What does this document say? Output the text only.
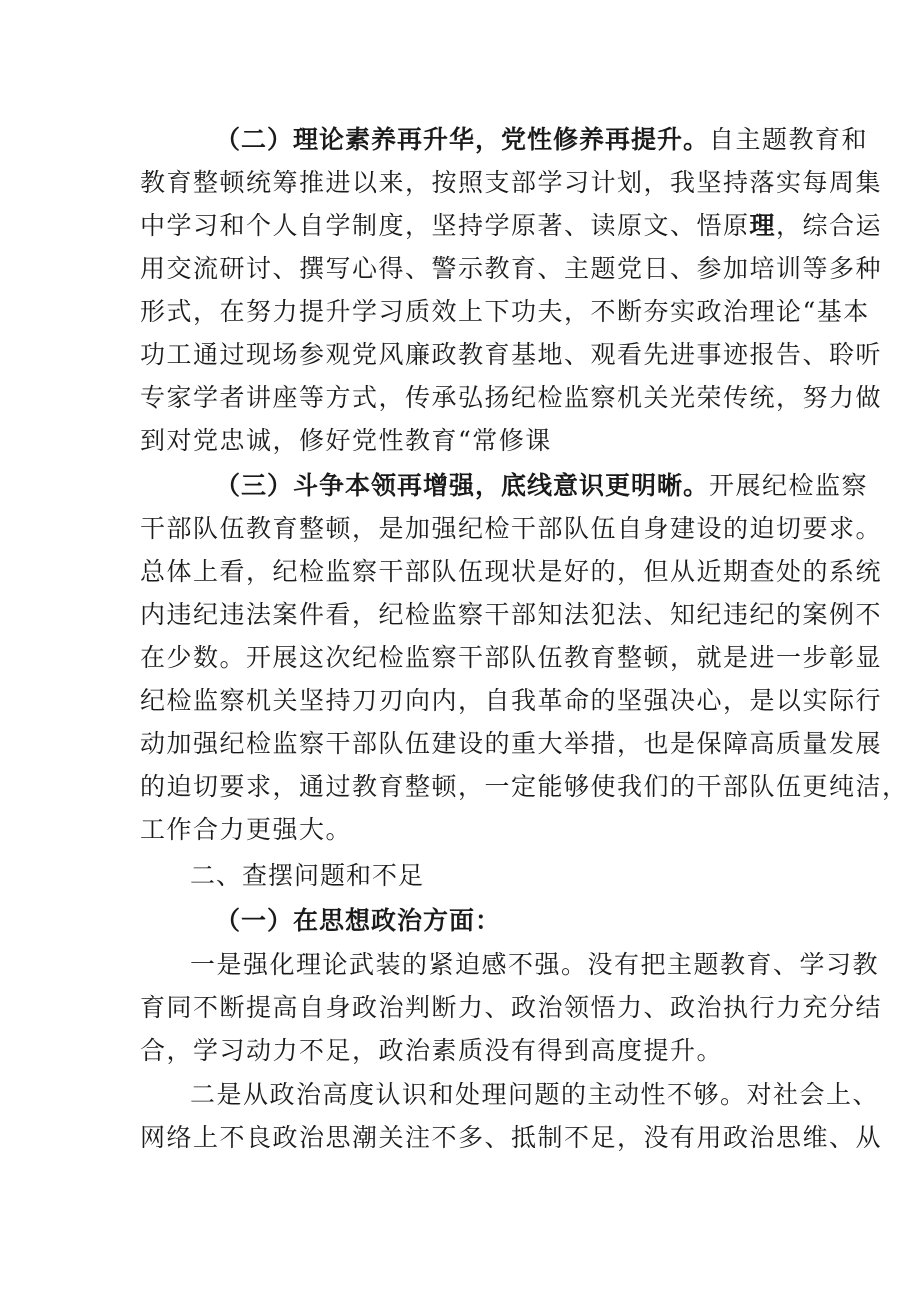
（二）理论素养再升华，党性修养再提升。自主题教育和
教育整顿统筹推进以来，按照支部学习计划，我坚持落实每周集
中学习和个人自学制度，坚持学原著、读原文、悟原理，综合运
用交流研讨、撰写心得、警示教育、主题党日、参加培训等多种
形式，在努力提升学习质效上下功夫，不断夯实政治理论“基本
功工通过现场参观党风廉政教育基地、观看先进事迹报告、聆听
专家学者讲座等方式，传承弘扬纪检监察机关光荣传统，努力做
到对党忠诚，修好党性教育“常修课
（三）斗争本领再增强，底线意识更明晰。开展纪检监察
干部队伍教育整顿，是加强纪检干部队伍自身建设的迫切要求。
总体上看，纪检监察干部队伍现状是好的，但从近期查处的系统
内违纪违法案件看，纪检监察干部知法犯法、知纪违纪的案例不
在少数。开展这次纪检监察干部队伍教育整顿，就是进一步彰显
纪检监察机关坚持刀刃向内，自我革命的坚强决心，是以实际行
动加强纪检监察干部队伍建设的重大举措，也是保障高质量发展
的迫切要求，通过教育整顿，一定能够使我们的干部队伍更纯洁，
工作合力更强大。
二、查摆问题和不足
（一）在思想政治方面：
一是强化理论武装的紧迫感不强。没有把主题教育、学习教
育同不断提高自身政治判断力、政治领悟力、政治执行力充分结
合，学习动力不足，政治素质没有得到高度提升。
二是从政治高度认识和处理问题的主动性不够。对社会上、
网络上不良政治思潮关注不多、抵制不足，没有用政治思维、从
